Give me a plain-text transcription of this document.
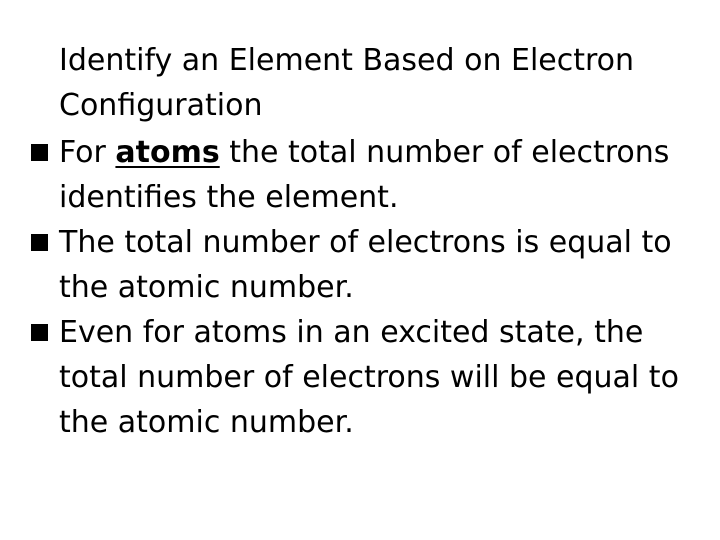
Identify an Element Based on Electron Configuration
For atoms the total number of electrons identifies the element.
The total number of electrons is equal to the atomic number.
Even for atoms in an excited state, the total number of electrons will be equal to the atomic number.
